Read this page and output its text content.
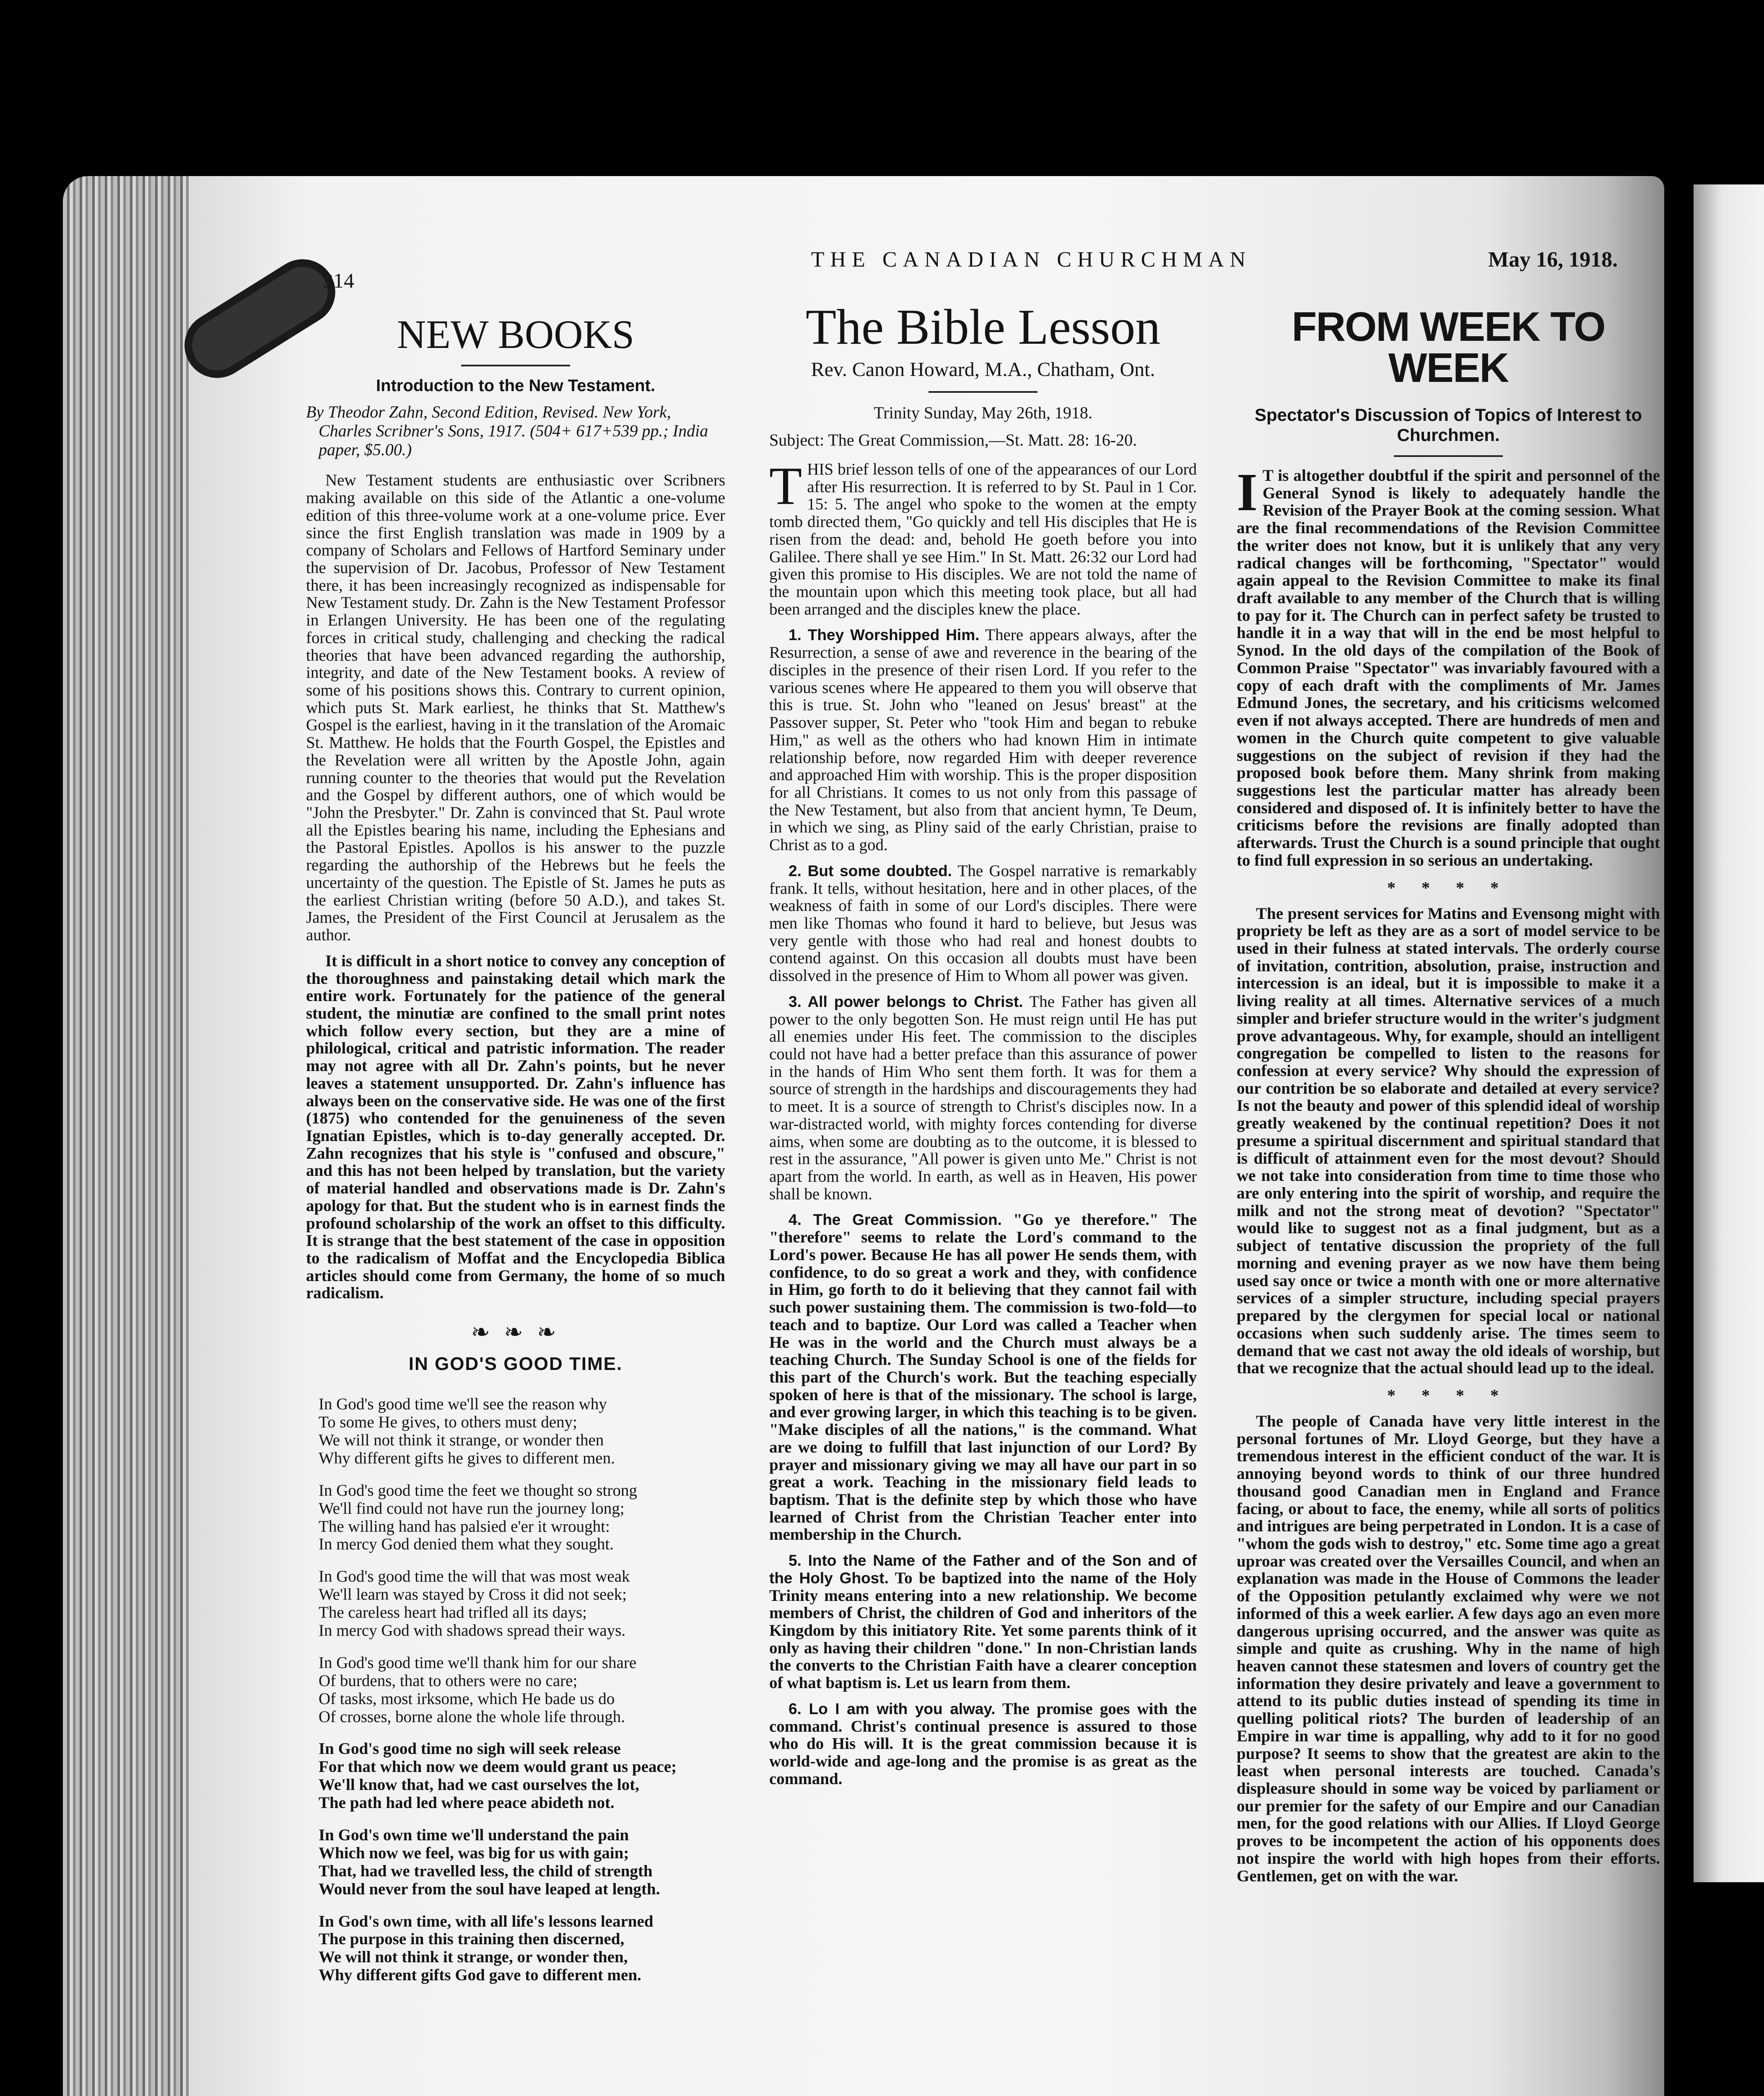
314
THE CANADIAN CHURCHMAN	May 16, 1918.
NEW BOOKS
Introduction to the New Testament.
By Theodor Zahn, Second Edition, Revised. New York, Charles Scribner's Sons, 1917. (504+ 617+539 pp.; India paper, $5.00.)

New Testament students are enthusiastic over Scribners making available on this side of the Atlantic a one-volume edition of this three-volume work at a one-volume price. Ever since the first English translation was made in 1909 by a company of Scholars and Fellows of Hartford Seminary under the supervision of Dr. Jacobus, Professor of New Testament there, it has been increasingly recognized as indispensable for New Testament study. Dr. Zahn is the New Testament Professor in Erlangen University. He has been one of the regulating forces in critical study, challenging and checking the radical theories that have been advanced regarding the authorship, integrity, and date of the New Testament books. A review of some of his positions shows this. Contrary to current opinion, which puts St. Mark earliest, he thinks that St. Matthew's Gospel is the earliest, having in it the translation of the Aromaic St. Matthew. He holds that the Fourth Gospel, the Epistles and the Revelation were all written by the Apostle John, again running counter to the theories that would put the Revelation and the Gospel by different authors, one of which would be "John the Presbyter." Dr. Zahn is convinced that St. Paul wrote all the Epistles bearing his name, including the Ephesians and the Pastoral Epistles. Apollos is his answer to the puzzle regarding the authorship of the Hebrews but he feels the uncertainty of the question. The Epistle of St. James he puts as the earliest Christian writing (before 50 A.D.), and takes St. James, the President of the First Council at Jerusalem as the author.

It is difficult in a short notice to convey any conception of the thoroughness and painstaking detail which mark the entire work. Fortunately for the patience of the general student, the minutiæ are confined to the small print notes which follow every section, but they are a mine of philological, critical and patristic information. The reader may not agree with all Dr. Zahn's points, but he never leaves a statement unsupported. Dr. Zahn's influence has always been on the conservative side. He was one of the first (1875) who contended for the genuineness of the seven Ignatian Epistles, which is to-day generally accepted. Dr. Zahn recognizes that his style is "confused and obscure," and this has not been helped by translation, but the variety of material handled and observations made is Dr. Zahn's apology for that. But the student who is in earnest finds the profound scholarship of the work an offset to this difficulty. It is strange that the best statement of the case in opposition to the radicalism of Moffat and the Encyclopedia Biblica articles should come from Germany, the home of so much radicalism.

❧ ❧ ❧
IN GOD'S GOOD TIME.
In God's good time we'll see the reason why
To some He gives, to others must deny;
We will not think it strange, or wonder then
Why different gifts he gives to different men.
In God's good time the feet we thought so strong
We'll find could not have run the journey long;
The willing hand has palsied e'er it wrought:
In mercy God denied them what they sought.
In God's good time the will that was most weak
We'll learn was stayed by Cross it did not seek;
The careless heart had trifled all its days;
In mercy God with shadows spread their ways.
In God's good time we'll thank him for our share
Of burdens, that to others were no care;
Of tasks, most irksome, which He bade us do
Of crosses, borne alone the whole life through.
In God's good time no sigh will seek release
For that which now we deem would grant us peace;
We'll know that, had we cast ourselves the lot,
The path had led where peace abideth not.
In God's own time we'll understand the pain
Which now we feel, was big for us with gain;
That, had we travelled less, the child of strength
Would never from the soul have leaped at length.
In God's own time, with all life's lessons learned
The purpose in this training then discerned,
We will not think it strange, or wonder then,
Why different gifts God gave to different men.
The Bible Lesson
Rev. Canon Howard, M.A., Chatham, Ont.
Trinity Sunday, May 26th, 1918.
Subject: The Great Commission,—St. Matt. 28: 16-20.

THIS brief lesson tells of one of the appearances of our Lord after His resurrection. It is referred to by St. Paul in 1 Cor. 15: 5. The angel who spoke to the women at the empty tomb directed them, "Go quickly and tell His disciples that He is risen from the dead: and, behold He goeth before you into Galilee. There shall ye see Him." In St. Matt. 26:32 our Lord had given this promise to His disciples. We are not told the name of the mountain upon which this meeting took place, but all had been arranged and the disciples knew the place.

1. They Worshipped Him. There appears always, after the Resurrection, a sense of awe and reverence in the bearing of the disciples in the presence of their risen Lord. If you refer to the various scenes where He appeared to them you will observe that this is true. St. John who "leaned on Jesus' breast" at the Passover supper, St. Peter who "took Him and began to rebuke Him," as well as the others who had known Him in intimate relationship before, now regarded Him with deeper reverence and approached Him with worship. This is the proper disposition for all Christians. It comes to us not only from this passage of the New Testament, but also from that ancient hymn, Te Deum, in which we sing, as Pliny said of the early Christian, praise to Christ as to a god.

2. But some doubted. The Gospel narrative is remarkably frank. It tells, without hesitation, here and in other places, of the weakness of faith in some of our Lord's disciples. There were men like Thomas who found it hard to believe, but Jesus was very gentle with those who had real and honest doubts to contend against. On this occasion all doubts must have been dissolved in the presence of Him to Whom all power was given.

3. All power belongs to Christ. The Father has given all power to the only begotten Son. He must reign until He has put all enemies under His feet. The commission to the disciples could not have had a better preface than this assurance of power in the hands of Him Who sent them forth. It was for them a source of strength in the hardships and discouragements they had to meet. It is a source of strength to Christ's disciples now. In a war-distracted world, with mighty forces contending for diverse aims, when some are doubting as to the outcome, it is blessed to rest in the assurance, "All power is given unto Me." Christ is not apart from the world. In earth, as well as in Heaven, His power shall be known.

4. The Great Commission. "Go ye therefore." The "therefore" seems to relate the Lord's command to the Lord's power. Because He has all power He sends them, with confidence, to do so great a work and they, with confidence in Him, go forth to do it believing that they cannot fail with such power sustaining them. The commission is two-fold—to teach and to baptize. Our Lord was called a Teacher when He was in the world and the Church must always be a teaching Church. The Sunday School is one of the fields for this part of the Church's work. But the teaching especially spoken of here is that of the missionary. The school is large, and ever growing larger, in which this teaching is to be given. "Make disciples of all the nations," is the command. What are we doing to fulfill that last injunction of our Lord? By prayer and missionary giving we may all have our part in so great a work. Teaching in the missionary field leads to baptism. That is the definite step by which those who have learned of Christ from the Christian Teacher enter into membership in the Church.

5. Into the Name of the Father and of the Son and of the Holy Ghost. To be baptized into the name of the Holy Trinity means entering into a new relationship. We become members of Christ, the children of God and inheritors of the Kingdom by this initiatory Rite. Yet some parents think of it only as having their children "done." In non-Christian lands the converts to the Christian Faith have a clearer conception of what baptism is. Let us learn from them.

6. Lo I am with you alway. The promise goes with the command. Christ's continual presence is assured to those who do His will. It is the great commission because it is world-wide and age-long and the promise is as great as the command.

FROM WEEK TO WEEK
Spectator's Discussion of Topics of Interest to Churchmen.

I T is altogether doubtful if the spirit and personnel of the General Synod is likely to adequately handle the Revision of the Prayer Book at the coming session. What are the final recommendations of the Revision Committee the writer does not know, but it is unlikely that any very radical changes will be forthcoming, "Spectator" would again appeal to the Revision Committee to make its final draft available to any member of the Church that is willing to pay for it. The Church can in perfect safety be trusted to handle it in a way that will in the end be most helpful to Synod. In the old days of the compilation of the Book of Common Praise "Spectator" was invariably favoured with a copy of each draft with the compliments of Mr. James Edmund Jones, the secretary, and his criticisms welcomed even if not always accepted. There are hundreds of men and women in the Church quite competent to give valuable suggestions on the subject of revision if they had the proposed book before them. Many shrink from making suggestions lest the particular matter has already been considered and disposed of. It is infinitely better to have the criticisms before the revisions are finally adopted than afterwards. Trust the Church is a sound principle that ought to find full expression in so serious an undertaking.

* * * *

The present services for Matins and Evensong might with propriety be left as they are as a sort of model service to be used in their fulness at stated intervals. The orderly course of invitation, contrition, absolution, praise, instruction and intercession is an ideal, but it is impossible to make it a living reality at all times. Alternative services of a much simpler and briefer structure would in the writer's judgment prove advantageous. Why, for example, should an intelligent congregation be compelled to listen to the reasons for confession at every service? Why should the expression of our contrition be so elaborate and detailed at every service? Is not the beauty and power of this splendid ideal of worship greatly weakened by the continual repetition? Does it not presume a spiritual discernment and spiritual standard that is difficult of attainment even for the most devout? Should we not take into consideration from time to time those who are only entering into the spirit of worship, and require the milk and not the strong meat of devotion? "Spectator" would like to suggest not as a final judgment, but as a subject of tentative discussion the propriety of the full morning and evening prayer as we now have them being used say once or twice a month with one or more alternative services of a simpler structure, including special prayers prepared by the clergymen for special local or national occasions when such suddenly arise. The times seem to demand that we cast not away the old ideals of worship, but that we recognize that the actual should lead up to the ideal.

* * * *

The people of Canada have very little interest in the personal fortunes of Mr. Lloyd George, but they have a tremendous interest in the efficient conduct of the war. It is annoying beyond words to think of our three hundred thousand good Canadian men in England and France facing, or about to face, the enemy, while all sorts of politics and intrigues are being perpetrated in London. It is a case of "whom the gods wish to destroy," etc. Some time ago a great uproar was created over the Versailles Council, and when an explanation was made in the House of Commons the leader of the Opposition petulantly exclaimed why were we not informed of this a week earlier. A few days ago an even more dangerous uprising occurred, and the answer was quite as simple and quite as crushing. Why in the name of high heaven cannot these statesmen and lovers of country get the information they desire privately and leave a government to attend to its public duties instead of spending its time in quelling political riots? The burden of leadership of an Empire in war time is appalling, why add to it for no good purpose? It seems to show that the greatest are akin to the least when personal interests are touched. Canada's displeasure should in some way be voiced by parliament or our premier for the safety of our Empire and our Canadian men, for the good relations with our Allies. If Lloyd George proves to be incompetent the action of his opponents does not inspire the world with high hopes from their efforts. Gentlemen, get on with the war.
